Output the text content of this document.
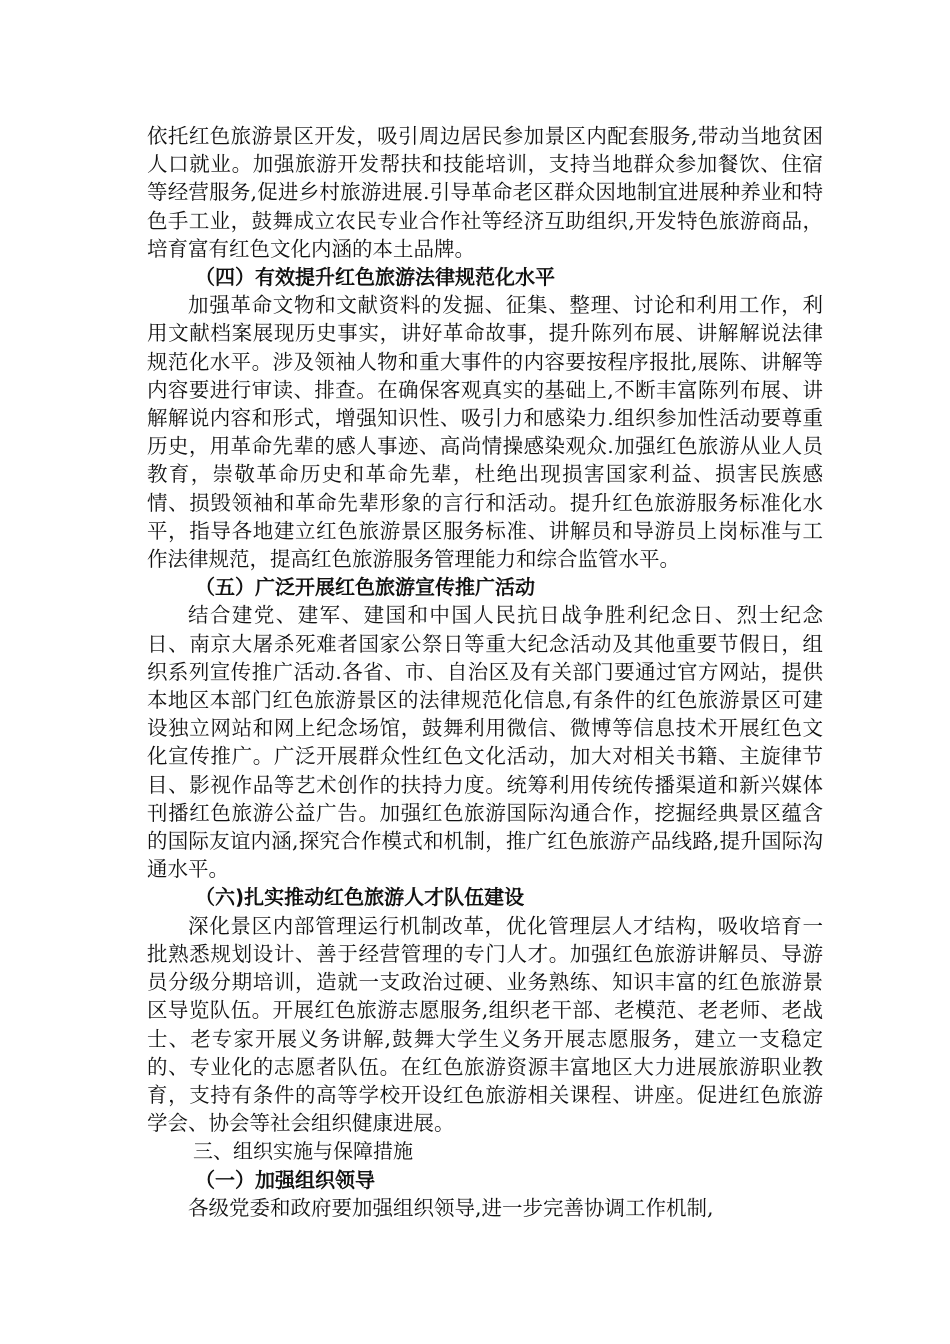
依托红色旅游景区开发，吸引周边居民参加景区内配套服务,带动当地贫困人口就业。加强旅游开发帮扶和技能培训，支持当地群众参加餐饮、住宿等经营服务,促进乡村旅游进展.引导革命老区群众因地制宜进展种养业和特色手工业，鼓舞成立农民专业合作社等经济互助组织,开发特色旅游商品，培育富有红色文化内涵的本土品牌。

（四）有效提升红色旅游法律规范化水平

加强革命文物和文献资料的发掘、征集、整理、讨论和利用工作，利用文献档案展现历史事实，讲好革命故事，提升陈列布展、讲解解说法律规范化水平。涉及领袖人物和重大事件的内容要按程序报批,展陈、讲解等内容要进行审读、排查。在确保客观真实的基础上,不断丰富陈列布展、讲解解说内容和形式，增强知识性、吸引力和感染力.组织参加性活动要尊重历史，用革命先辈的感人事迹、高尚情操感染观众.加强红色旅游从业人员教育，崇敬革命历史和革命先辈，杜绝出现损害国家利益、损害民族感情、损毁领袖和革命先辈形象的言行和活动。提升红色旅游服务标准化水平，指导各地建立红色旅游景区服务标准、讲解员和导游员上岗标准与工作法律规范，提高红色旅游服务管理能力和综合监管水平。

（五）广泛开展红色旅游宣传推广活动

结合建党、建军、建国和中国人民抗日战争胜利纪念日、烈士纪念日、南京大屠杀死难者国家公祭日等重大纪念活动及其他重要节假日，组织系列宣传推广活动.各省、市、自治区及有关部门要通过官方网站，提供本地区本部门红色旅游景区的法律规范化信息,有条件的红色旅游景区可建设独立网站和网上纪念场馆，鼓舞利用微信、微博等信息技术开展红色文化宣传推广。广泛开展群众性红色文化活动，加大对相关书籍、主旋律节目、影视作品等艺术创作的扶持力度。统筹利用传统传播渠道和新兴媒体刊播红色旅游公益广告。加强红色旅游国际沟通合作，挖掘经典景区蕴含的国际友谊内涵,探究合作模式和机制，推广红色旅游产品线路,提升国际沟通水平。

（六)扎实推动红色旅游人才队伍建设

深化景区内部管理运行机制改革，优化管理层人才结构，吸收培育一批熟悉规划设计、善于经营管理的专门人才。加强红色旅游讲解员、导游员分级分期培训，造就一支政治过硬、业务熟练、知识丰富的红色旅游景区导览队伍。开展红色旅游志愿服务,组织老干部、老模范、老老师、老战士、老专家开展义务讲解,鼓舞大学生义务开展志愿服务，建立一支稳定的、专业化的志愿者队伍。在红色旅游资源丰富地区大力进展旅游职业教育，支持有条件的高等学校开设红色旅游相关课程、讲座。促进红色旅游学会、协会等社会组织健康进展。

三、组织实施与保障措施

（一）加强组织领导

各级党委和政府要加强组织领导,进一步完善协调工作机制,
